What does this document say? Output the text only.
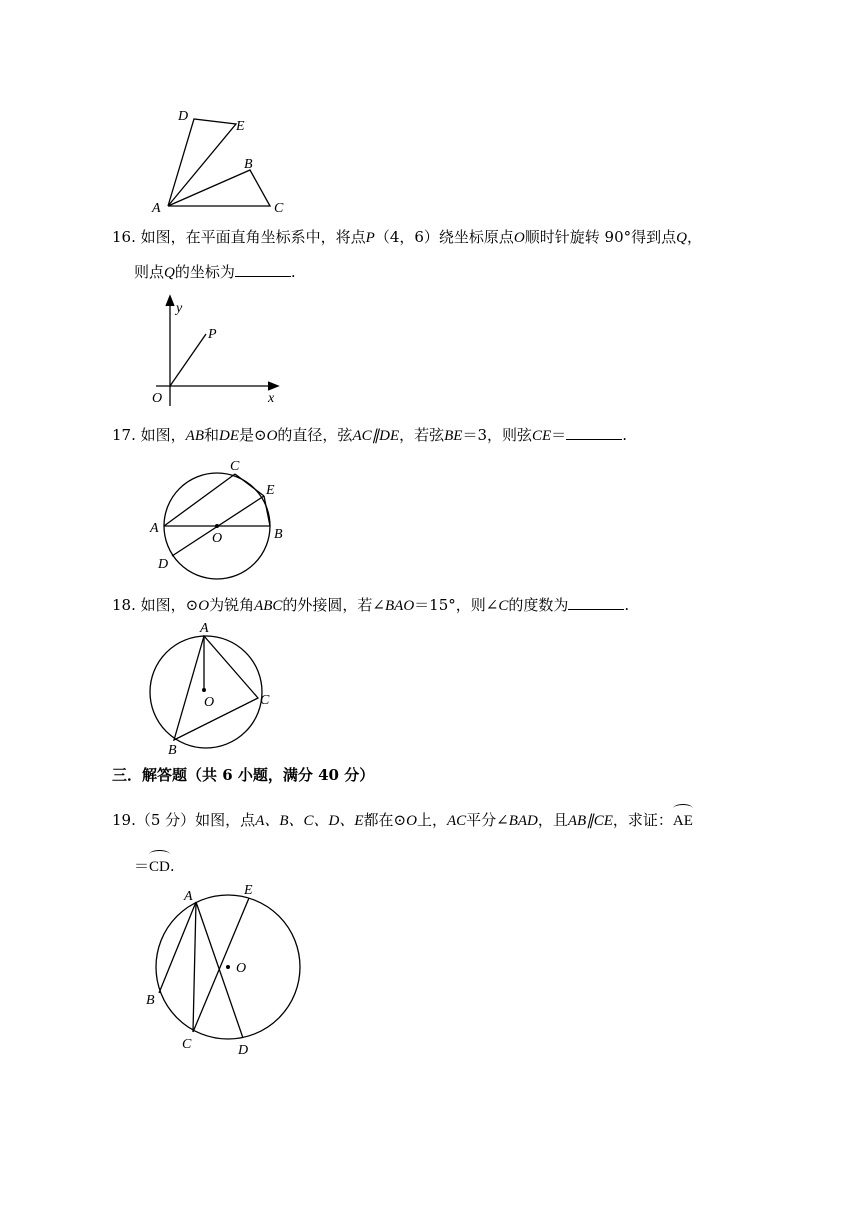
D
E
B
A	C
16. 如图，在平面直角坐标系中，将点P（4，6）绕坐标原点O顺时针旋转 90°得到点Q，
则点Q的坐标为	.
y
P
O	x
17. 如图，AB和DE是⊙O的直径，弦AC∥DE，若弦BE＝3，则弦CE＝	.
C
E
A
O	B
D
18. 如图，⊙O为锐角ABC的外接圆，若∠BAO＝15°，则∠C的度数为	.
A
O	C
B
三．解答题（共 6 小题，满分 40 分）
19.（5 分）如图，点A、B、C、D、E都在⊙O上，AC平分∠BAD，且AB∥CE，求证：AE
＝CD.
A	E
O
B
C	D
